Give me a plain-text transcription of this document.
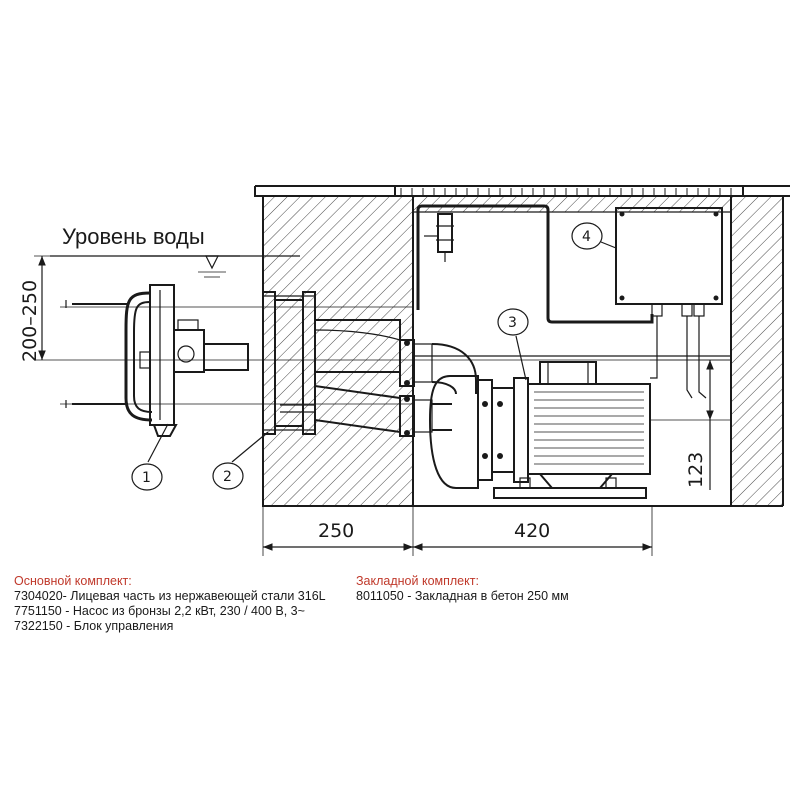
Уровень воды
200–250
123
250	420
1	2
3
4
Основной комплект:
7304020- Лицевая часть из нержавеющей стали 316L
7751150 - Насос из бронзы 2,2 кВт, 230 / 400 В, 3~
7322150 - Блок управления
Закладной комплект:
8011050 - Закладная в бетон 250 мм
